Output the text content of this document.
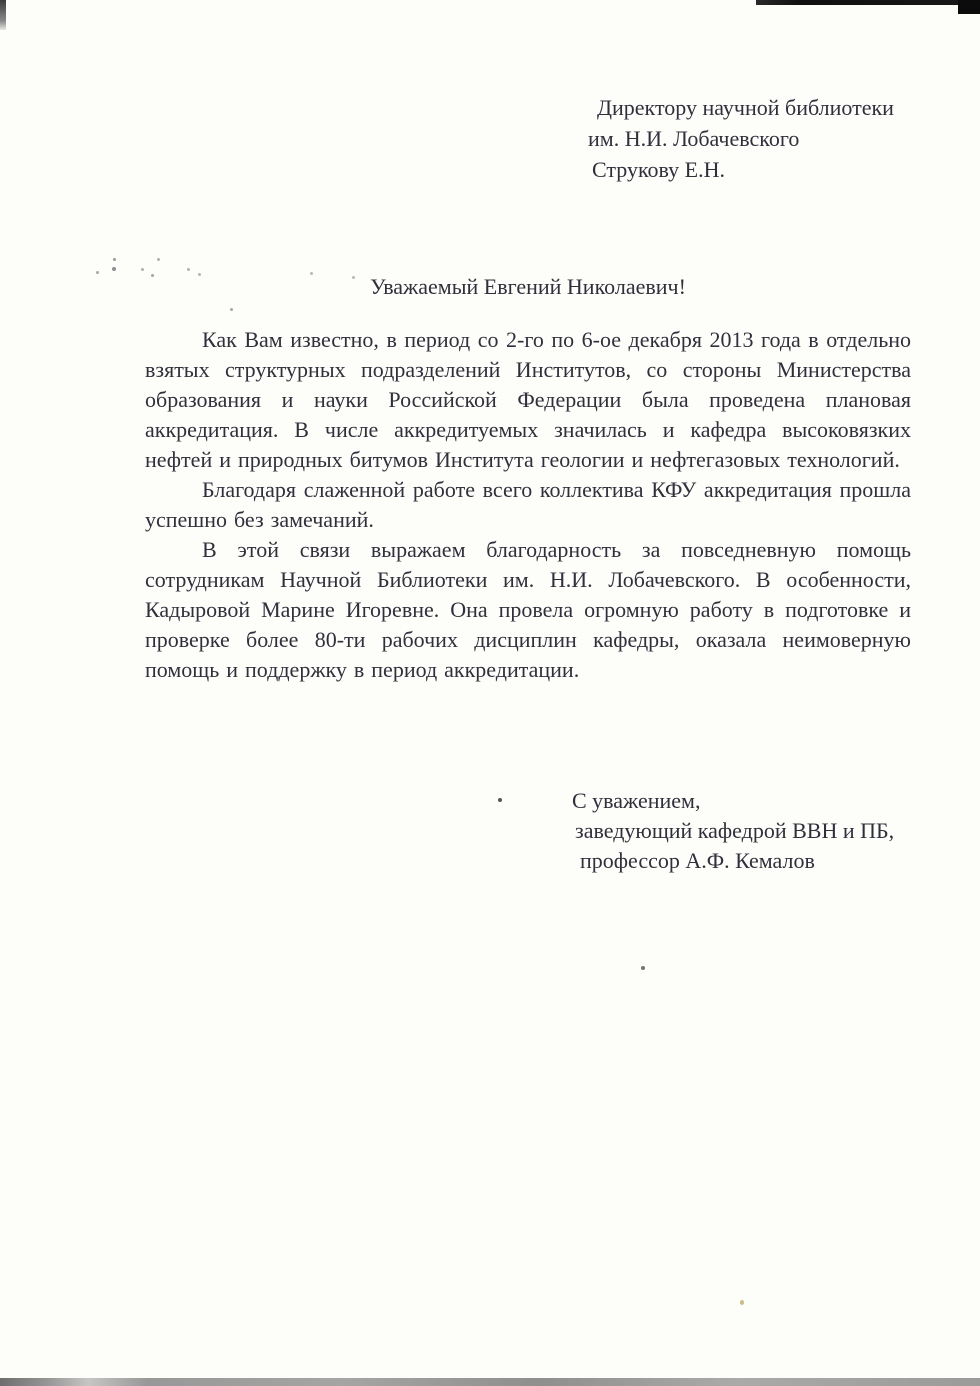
Директору научной библиотеки
им. Н.И. Лобачевского
Струкову Е.Н.
Уважаемый Евгений Николаевич!

Как Вам известно, в период со 2-го по 6-ое декабря 2013 года в отдельно взятых структурных подразделений Институтов, со стороны Министерства образования и науки Российской Федерации была проведена плановая аккредитация. В числе аккредитуемых значилась и кафедра высоковязких нефтей и природных битумов Института геологии и нефтегазовых технологий.

Благодаря слаженной работе всего коллектива КФУ аккредитация прошла успешно без замечаний.

В этой связи выражаем благодарность за повседневную помощь сотрудникам Научной Библиотеки им. Н.И. Лобачевского. В особенности, Кадыровой Марине Игоревне. Она провела огромную работу в подготовке и проверке более 80-ти рабочих дисциплин кафедры, оказала неимоверную помощь и поддержку в период аккредитации.

С уважением,
заведующий кафедрой ВВН и ПБ,
профессор А.Ф. Кемалов
